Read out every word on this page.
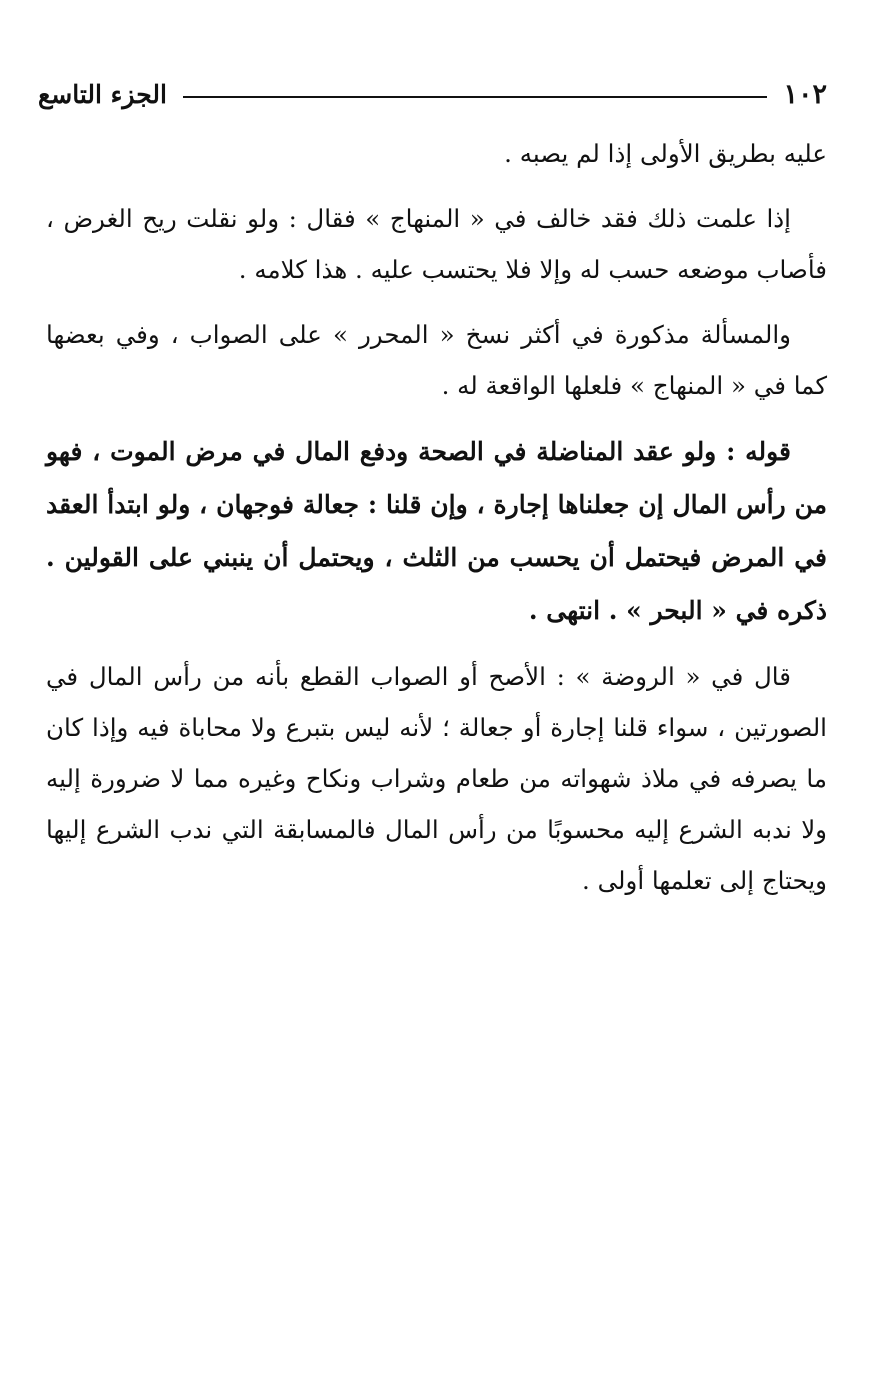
١٠٢
الجزء التاسع

عليه بطريق الأولى إذا لم يصبه .

إذا علمت ذلك فقد خالف في « المنهاج » فقال : ولو نقلت ريح الغرض ، فأصاب موضعه حسب له وإلا فلا يحتسب عليه . هذا كلامه .

والمسألة مذكورة في أكثر نسخ « المحرر » على الصواب ، وفي بعضها كما في « المنهاج » فلعلها الواقعة له .

قوله : ولو عقد المناضلة في الصحة ودفع المال في مرض الموت ، فهو من رأس المال إن جعلناها إجارة ، وإن قلنا : جعالة فوجهان ، ولو ابتدأ العقد في المرض فيحتمل أن يحسب من الثلث ، ويحتمل أن ينبني على القولين . ذكره في « البحر » . انتهى .

قال في « الروضة » : الأصح أو الصواب القطع بأنه من رأس المال في الصورتين ، سواء قلنا إجارة أو جعالة ؛ لأنه ليس بتبرع ولا محاباة فيه وإذا كان ما يصرفه في ملاذ شهواته من طعام وشراب ونكاح وغيره مما لا ضرورة إليه ولا ندبه الشرع إليه محسوبًا من رأس المال فالمسابقة التي ندب الشرع إليها ويحتاج إلى تعلمها أولى .
